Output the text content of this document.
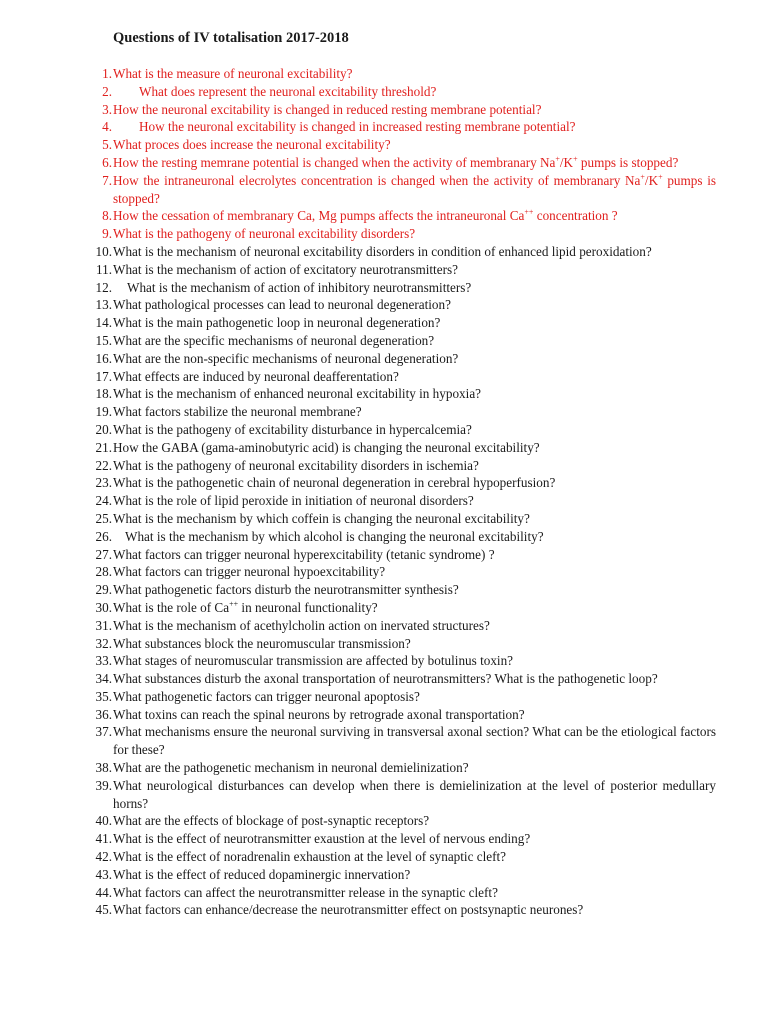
Questions of IV totalisation 2017-2018
1. What is the measure of neuronal excitability?
2.	What does represent the neuronal excitability threshold?
3. How the neuronal excitability is changed in reduced resting membrane potential?
4.	How the neuronal excitability is changed in increased resting membrane potential?
5. What proces does increase the neuronal excitability?
6. How the resting memrane potential is changed when the activity of membranary Na+/K+ pumps is stopped?
7. How the intraneuronal elecrolytes concentration is changed when the activity of membranary Na+/K+ pumps is stopped?
8. How the cessation of membranary Ca, Mg pumps affects the intraneuronal Ca++ concentration ?
9. What is the pathogeny of neuronal excitability disorders?
10. What is the mechanism of neuronal excitability disorders in condition of enhanced lipid peroxidation?
11. What is the mechanism of action of excitatory neurotransmitters?
12.	What is the mechanism of action of inhibitory neurotransmitters?
13. What pathological processes can lead to neuronal degeneration?
14. What is the main pathogenetic loop in neuronal degeneration?
15. What are the specific mechanisms of neuronal degeneration?
16. What are the non-specific mechanisms of neuronal degeneration?
17. What effects are induced by neuronal deafferentation?
18. What is the mechanism of enhanced neuronal excitability in hypoxia?
19. What factors stabilize the neuronal membrane?
20. What is the pathogeny of excitability disturbance in hypercalcemia?
21. How the GABA (gama-aminobutyric acid) is changing the neuronal excitability?
22. What is the pathogeny of neuronal excitability disorders in ischemia?
23. What is the pathogenetic chain of neuronal degeneration in cerebral hypoperfusion?
24. What is the role of lipid peroxide in initiation of neuronal disorders?
25. What is the mechanism by which coffein is changing the neuronal excitability?
26. What is the mechanism by which alcohol is changing the neuronal excitability?
27. What factors can trigger neuronal hyperexcitability (tetanic syndrome) ?
28. What factors can trigger neuronal hypoexcitability?
29. What pathogenetic factors disturb the neurotransmitter synthesis?
30. What is the role of Ca++ in neuronal functionality?
31. What is the mechanism of acethylcholin action on inervated structures?
32. What substances block the neuromuscular transmission?
33. What stages of neuromuscular transmission are affected by botulinus toxin?
34. What substances disturb the axonal transportation of neurotransmitters? What is the pathogenetic loop?
35. What pathogenetic factors can trigger neuronal apoptosis?
36. What toxins can reach the spinal neurons by retrograde axonal transportation?
37. What mechanisms ensure the neuronal surviving in transversal axonal section? What can be the etiological factors for these?
38. What are the pathogenetic mechanism in neuronal demielinization?
39. What neurological disturbances can develop when there is demielinization at the level of posterior medullary horns?
40. What are the effects of blockage of post-synaptic receptors?
41. What is the effect of neurotransmitter exaustion at the level of nervous ending?
42. What is the effect of noradrenalin exhaustion at the level of synaptic cleft?
43. What is the effect of reduced dopaminergic innervation?
44. What factors can affect the neurotransmitter release in the synaptic cleft?
45. What factors can enhance/decrease the neurotransmitter effect on postsynaptic neurones?
